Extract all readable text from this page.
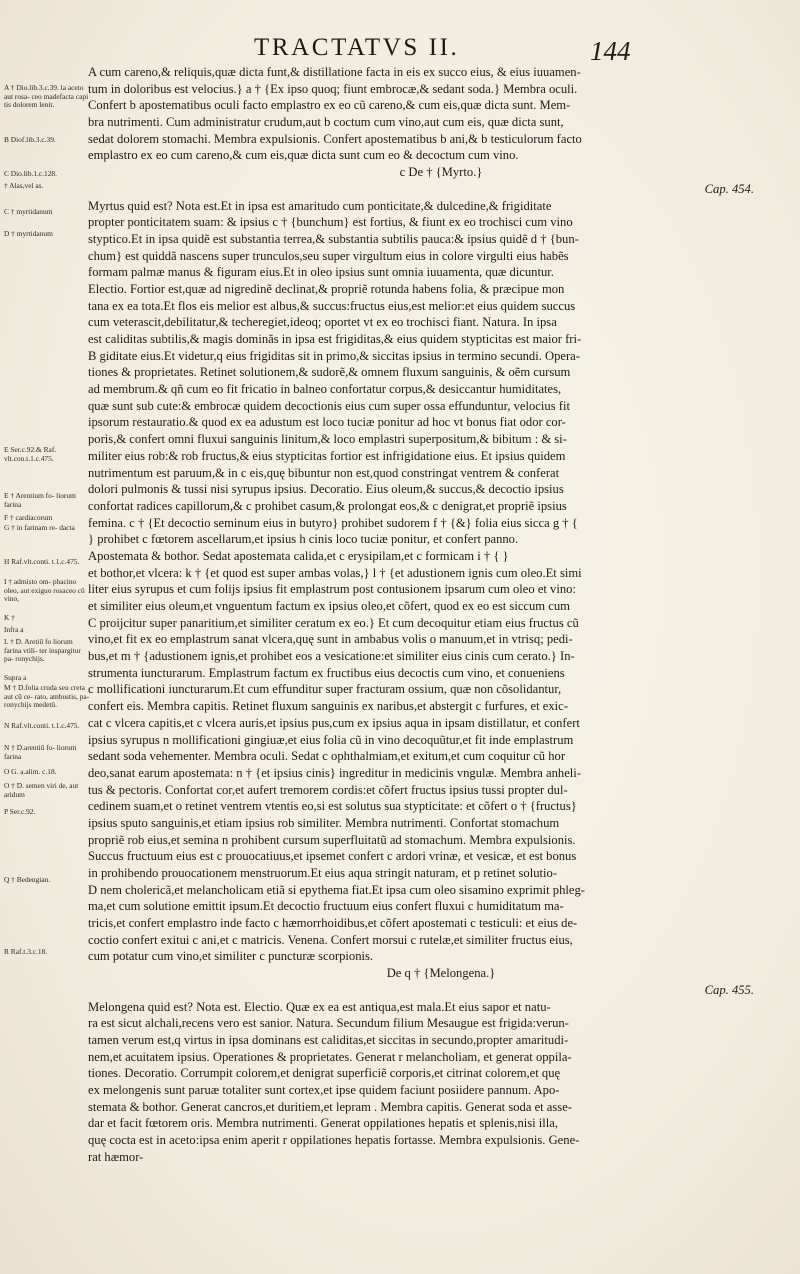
TRACTATVS II.	144
A † Dio.lib.3.c.39. la aceto aut rosa- ceo madefacta capi tis dolorem lenit.
B Diof.lib.3.c.39.
C Dio.lib.1.c.128.
† Alas,vel as.
C † myrtidanum
D † myrtidanum
E Ser.c.92.& Raf. vlt.con.t.1.c.475.
E † Arentium fo- liorum farina
F † cardiacorum
G † in farinam re- dacta
H Raf.vlt.conti. t.1.c.475.
I † admisto om- phacino oleo, aut exiguo rosaceo cũ vino,
K †
Infra a
L † D. Aretiũ fo liorum farina vtili- ter inspargitur pa- ronychijs.
Supra a
M † D.folia cruda seu creta aut cũ ce- rato, ambustis, pa- ronychijs medetũ.
N Raf.vlt.conti. t.1.c.475.
N † D.arentiũ fo- liorum farina
O G. a.alim. c.18.
O † D. semen viri de, aut aridum
P Ser.c.92.
Q † Bedengian.
R Raf.t.3.c.18.
A cum careno,& reliquis,quæ dicta funt,& distillatione facta in eis ex succo eius, & eius iuuamen-
tum in doloribus est velocius.} a † {Ex ipso quoq; fiunt embrocæ,& sedant soda.} Membra oculi.
Confert b apostematibus oculi facto emplastro ex eo cũ careno,& cum eis,quæ dicta sunt. Mem-
bra nutrimenti. Cum administratur crudum,aut b coctum cum vino,aut cum eis, quæ dicta sunt,
sedat dolorem stomachi. Membra expulsionis. Confert apostematibus b ani,& b testiculorum facto
emplastro ex eo cum careno,& cum eis,quæ dicta sunt cum eo & decoctum cum vino.
c De † {Myrto.}
Cap. 454.
Myrtus quid est? Nota est.Et in ipsa est amaritudo cum ponticitate,& dulcedine,& frigiditate
propter ponticitatem suam: & ipsius c † {bunchum} est fortius, & fiunt ex eo trochisci cum vino
styptico.Et in ipsa quidẽ est substantia terrea,& substantia subtilis pauca:& ipsius quidẽ d † {bun-
chum} est quiddã nascens super trunculos,seu super virgultum eius in colore virgulti eius habẽs
formam palmæ manus & figuram eius.Et in oleo ipsius sunt omnia iuuamenta, quæ dicuntur.
Electio. Fortior est,quæ ad nigredinẽ declinat,& propriẽ rotunda habens folia, & præcipue mon
tana ex ea tota.Et flos eis melior est albus,& succus:fructus eius,est melior:et eius quidem succus
cum veterascit,debilitatur,& techeregiet,ideoq; oportet vt ex eo trochisci fiant. Natura. In ipsa
est caliditas subtilis,& magis dominãs in ipsa est frigiditas,& eius quidem stypticitas est maior fri-
B giditate eius.Et videtur,q eius frigiditas sit in primo,& siccitas ipsius in termino secundi. Opera-
tiones & proprietates. Retinet solutionem,& sudorẽ,& omnem fluxum sanguinis, & oẽm cursum
ad membrum.& qñ cum eo fit fricatio in balneo confortatur corpus,& desiccantur humiditates,
quæ sunt sub cute:& embrocæ quidem decoctionis eius cum super ossa effunduntur, velocius fit
ipsorum restauratio.& quod ex ea adustum est loco tuciæ ponitur ad hoc vt bonus fiat odor cor-
poris,& confert omni fluxui sanguinis linitum,& loco emplastri superpositum,& bibitum : & si-
militer eius rob:& rob fructus,& eius stypticitas fortior est infrigidatione eius. Et ipsius quidem
nutrimentum est paruum,& in c eis,quę bibuntur non est,quod constringat ventrem & conferat
dolori pulmonis & tussi nisi syrupus ipsius. Decoratio. Eius oleum,& succus,& decoctio ipsius
confortat radices capillorum,& c prohibet casum,& prolongat eos,& c denigrat,et propriẽ ipsius
femina. c † {Et decoctio seminum eius in butyro} prohibet sudorem f † {&} folia eius sicca g † {
} prohibet c fœtorem ascellarum,et ipsius h cinis loco tuciæ ponitur, et confert panno.
Apostemata & bothor. Sedat apostemata calida,et c erysipilam,et c formicam i † { }
et bothor,et vlcera: k † {et quod est super ambas volas,} l † {et adustionem ignis cum oleo.Et simi
liter eius syrupus et cum folijs ipsius fit emplastrum post contusionem ipsarum cum oleo et vino:
et similiter eius oleum,et vnguentum factum ex ipsius oleo,et cõfert, quod ex eo est siccum cum
C proijcitur super panaritium,et similiter ceratum ex eo.} Et cum decoquitur etiam eius fructus cũ
vino,et fit ex eo emplastrum sanat vlcera,quę sunt in ambabus volis o manuum,et in vtrisq; pedi-
bus,et m † {adustionem ignis,et prohibet eos a vesicatione:et similiter eius cinis cum cerato.} In-
strumenta iuncturarum. Emplastrum factum ex fructibus eius decoctis cum vino, et conueniens
c mollificationi iuncturarum.Et cum effunditur super fracturam ossium, quæ non cõsolidantur,
confert eis. Membra capitis. Retinet fluxum sanguinis ex naribus,et abstergit c furfures, et exic-
cat c vlcera capitis,et c vlcera auris,et ipsius pus,cum ex ipsius aqua in ipsam distillatur, et confert
ipsius syrupus n mollificationi gingiuæ,et eius folia cũ in vino decoquũtur,et fit inde emplastrum
sedant soda vehementer. Membra oculi. Sedat c ophthalmiam,et exitum,et cum coquitur cũ hor
deo,sanat earum apostemata: n † {et ipsius cinis} ingreditur in medicinis vngulæ. Membra anheli-
tus & pectoris. Confortat cor,et aufert tremorem cordis:et cõfert fructus ipsius tussi propter dul-
cedinem suam,et o retinet ventrem vtentis eo,si est solutus sua stypticitate: et cõfert o † {fructus}
ipsius sputo sanguinis,et etiam ipsius rob similiter. Membra nutrimenti. Confortat stomachum
propriẽ rob eius,et semina n prohibent cursum superfluitatũ ad stomachum. Membra expulsionis.
Succus fructuum eius est c prouocatiuus,et ipsemet confert c ardori vrinæ, et vesicæ, et est bonus
in prohibendo prouocationem menstruorum.Et eius aqua stringit naturam, et p retinet solutio-
D nem cholericã,et melancholicam etiã si epythema fiat.Et ipsa cum oleo sisamino exprimit phleg-
ma,et cum solutione emittit ipsum.Et decoctio fructuum eius confert fluxui c humiditatum ma-
tricis,et confert emplastro inde facto c hæmorrhoidibus,et cõfert apostemati c testiculi: et eius de-
coctio confert exitui c ani,et c matricis. Venena. Confert morsui c rutelæ,et similiter fructus eius,
cum potatur cum vino,et similiter c puncturæ scorpionis.
De q † {Melongena.}
Cap. 455.
Melongena quid est? Nota est. Electio. Quæ ex ea est antiqua,est mala.Et eius sapor et natu-
ra est sicut alchali,recens vero est sanior. Natura. Secundum filium Mesaugue est frigida:verun-
tamen verum est,q virtus in ipsa dominans est caliditas,et siccitas in secundo,propter amaritudi-
nem,et acuitatem ipsius. Operationes & proprietates. Generat r melancholiam, et generat oppila-
tiones. Decoratio. Corrumpit colorem,et denigrat superficiẽ corporis,et citrinat colorem,et quę
ex melongenis sunt paruæ totaliter sunt cortex,et ipse quidem faciunt posiidere pannum. Apo-
stemata & bothor. Generat cancros,et duritiem,et lepram . Membra capitis. Generat soda et asse-
dar et facit fœtorem oris. Membra nutrimenti. Generat oppilationes hepatis et splenis,nisi illa,
quę cocta est in aceto:ipsa enim aperit r oppilationes hepatis fortasse. Membra expulsionis. Gene-
rat hæmor-
